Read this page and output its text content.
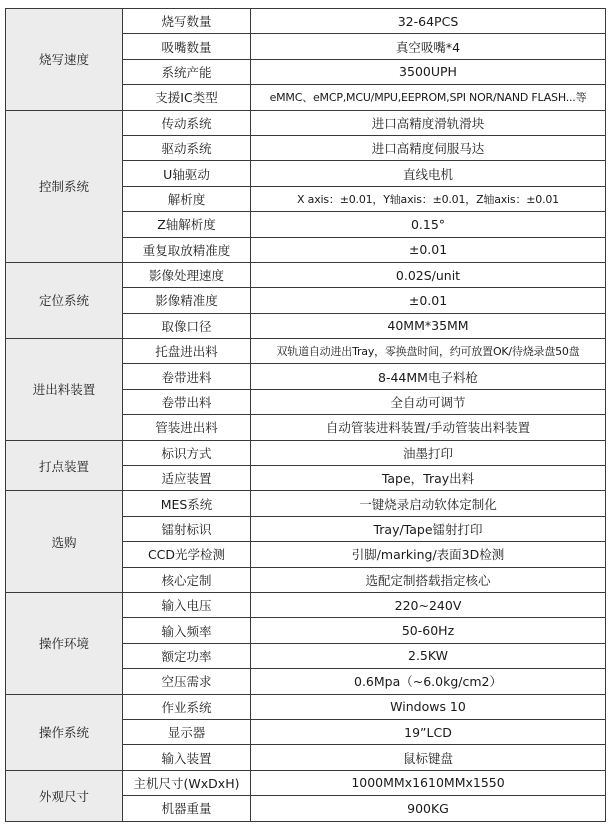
烧写速度	烧写数量	32-64PCS
	吸嘴数量	真空吸嘴*4
	系统产能	3500UPH
	支援IC类型	eMMC、eMCP,MCU/MPU,EEPROM,SPI NOR/NAND FLASH...等
控制系统	传动系统	进口高精度滑轨滑块
	驱动系统	进口高精度伺服马达
	U轴驱动	直线电机
	解析度	X axis：±0.01，Y轴axis：±0.01，Z轴axis：±0.01
	Z轴解析度	0.15°
	重复取放精准度	±0.01
定位系统	影像处理速度	0.02S/unit
	影像精准度	±0.01
	取像口径	40MM*35MM
进出料装置	托盘进出料	双轨道自动进出Tray，零换盘时间，约可放置OK/待烧录盘50盘
	卷带进料	8-44MM电子料枪
	卷带出料	全自动可调节
	管装进出料	自动管装进料装置/手动管装出料装置
打点装置	标识方式	油墨打印
	适应装置	Tape，Tray出料
选购	MES系统	一键烧录启动软体定制化
	镭射标识	Tray/Tape镭射打印
	CCD光学检测	引脚/marking/表面3D检测
	核心定制	选配定制搭载指定核心
操作环境	输入电压	220~240V
	输入频率	50-60Hz
	额定功率	2.5KW
	空压需求	0.6Mpa（~6.0kg/cm2）
操作系统	作业系统	Windows 10
	显示器	19”LCD
	输入装置	鼠标键盘
外观尺寸	主机尺寸(WxDxH)	1000MMx1610MMx1550
	机器重量	900KG
